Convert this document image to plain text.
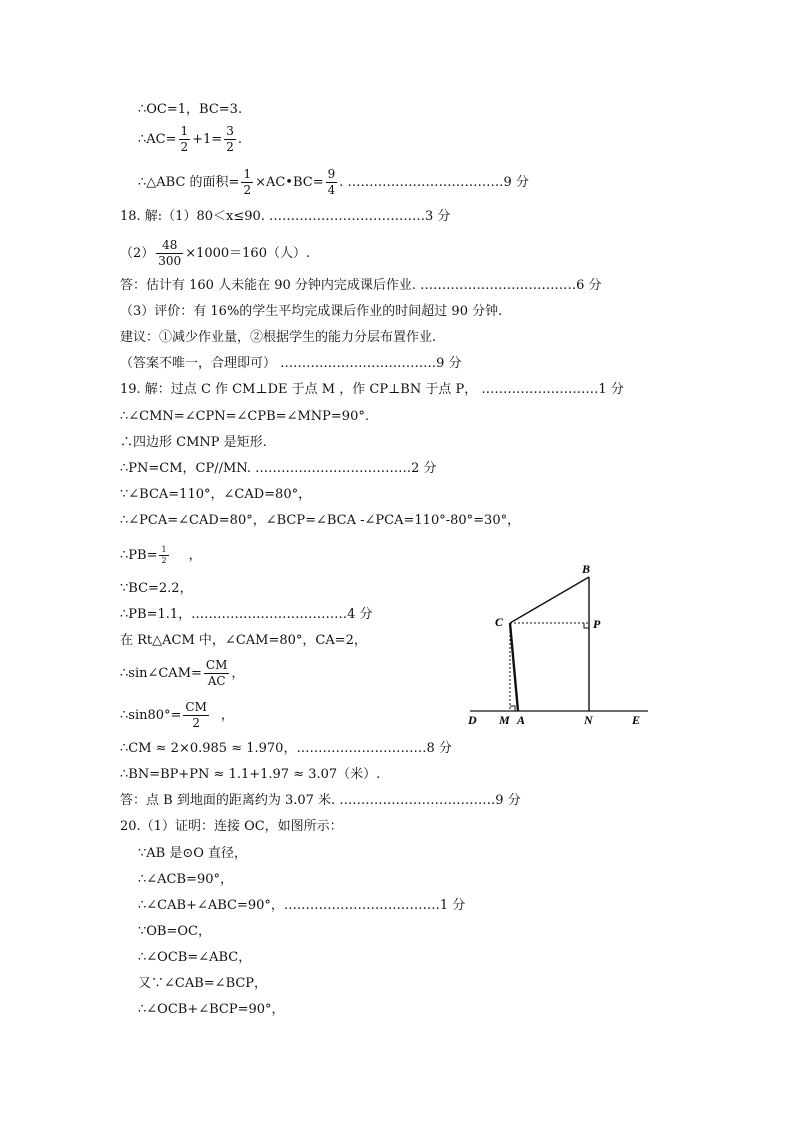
∴OC=1，BC=3.
∴AC= $\frac{1}{2} +1= \frac{3}{2}$ .
∴△ABC 的面积= $\frac{1}{2}$ ×AC•BC= $\frac{9}{4}$ . ………………………………9 分
18. 解:（1）80＜x≤90. ………………………………3 分
$(2) \frac{48}{300} \times 1000=160$（人）.
答：估计有 160 人未能在 90 分钟内完成课后作业. ………………………………6 分
（3）评价：有 16%的学生平均完成课后作业的时间超过 90 分钟.
建议：①减少作业量，②根据学生的能力分层布置作业.
（答案不唯一，合理即可） ………………………………9 分
19. 解：过点 C 作 CM⊥DE 于点 M ，作 CP⊥BN 于点 P， ………………………1 分
∴∠CMN=∠CPN=∠CPB=∠MNP=90°.
∴四边形 CMNP 是矩形.
∴PN=CM，CP//MN. ………………………………2 分
∵∠BCA=110°，∠CAD=80°，
∴∠PCA=∠CAD=80°，∠BCP=∠BCA -∠PCA=110°-80°=30°，
∴PB= $\frac{1}{2}$ ，
∵BC=2.2，
∴PB=1.1，………………………………4 分
在 Rt△ACM 中，∠CAM=80°，CA=2，
∴sin∠CAM= $\frac{CM}{AC}$ ，
∴sin80°= $\frac{CM}{2}$ ，
∴CM ≈ 2×0.985 ≈ 1.970，…………………………8 分
∴BN=BP+PN ≈ 1.1+1.97 ≈ 3.07（米）.
答：点 B 到地面的距离约为 3.07 米. ………………………………9 分
20.（1）证明：连接 OC，如图所示：
∵AB 是⊙O 直径，
∴∠ACB=90°，
∴∠CAB+∠ABC=90°，………………………………1 分
∵OB=OC，
∴∠OCB=∠ABC，
又∵∠CAB=∠BCP，
∴∠OCB+∠BCP=90°，
B
C	P
D M A	N	E
